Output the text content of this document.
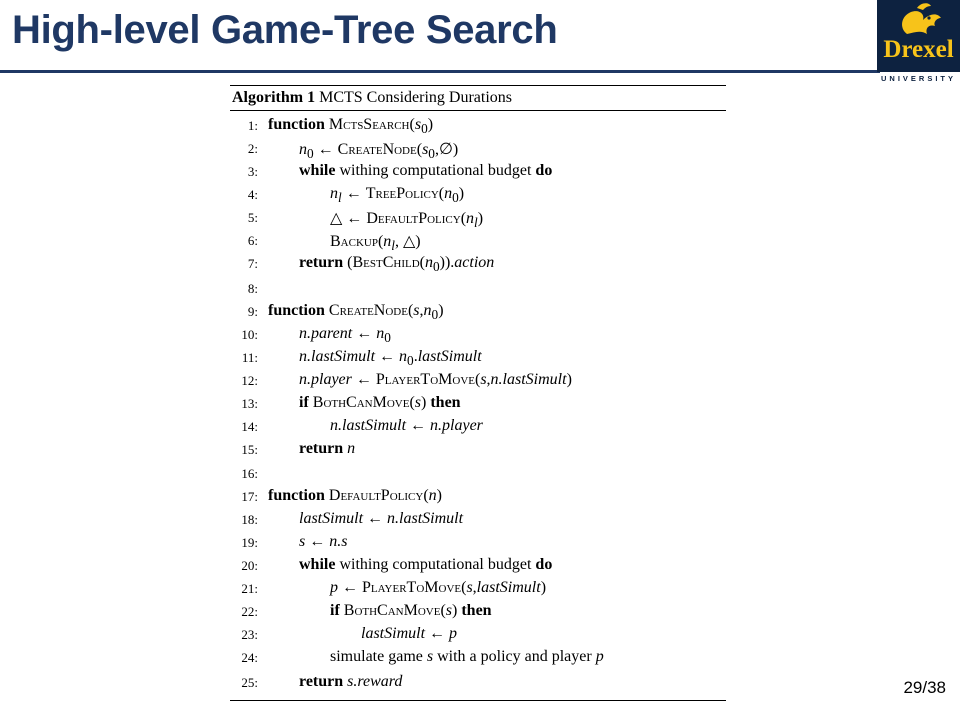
High-level Game-Tree Search	Drexel
UNIVERSITY
Algorithm 1 MCTS Considering Durations
1: function $MctsSearch(s_0)$
2:	$n_0$ ← $CreateNode(s_0,\emptyset)$
3:	while withing computational budget do
4:	$n_l$ ← $TreePolicy(n_0)$
5:	△ ← $DefaultPolicy(n_l)$
6:	$Backup(n_l$, △)
7:	return $(BestChild(n_0)).action$
8:
9: function $CreateNode(s,n_0)$
10:	n.parent ← $n_0$
11:	n.lastSimult ← $n_0.lastSimult$
12:	n.player ← PlayerToMove(s,n.lastSimult)
13:	if BothCanMove(s) then
14:	n.lastSimult ← n.player
15:	return n
16:
17: function DefaultPolicy(n)
18:	lastSimult ← n.lastSimult
19:	s ← n.s
20:	while withing computational budget do
21:	p ← PlayerToMove(s,lastSimult)
22:	if BothCanMove(s) then
23:	lastSimult ← p
24:	simulate game s with a policy and player p
25:	return s.reward	29/38
